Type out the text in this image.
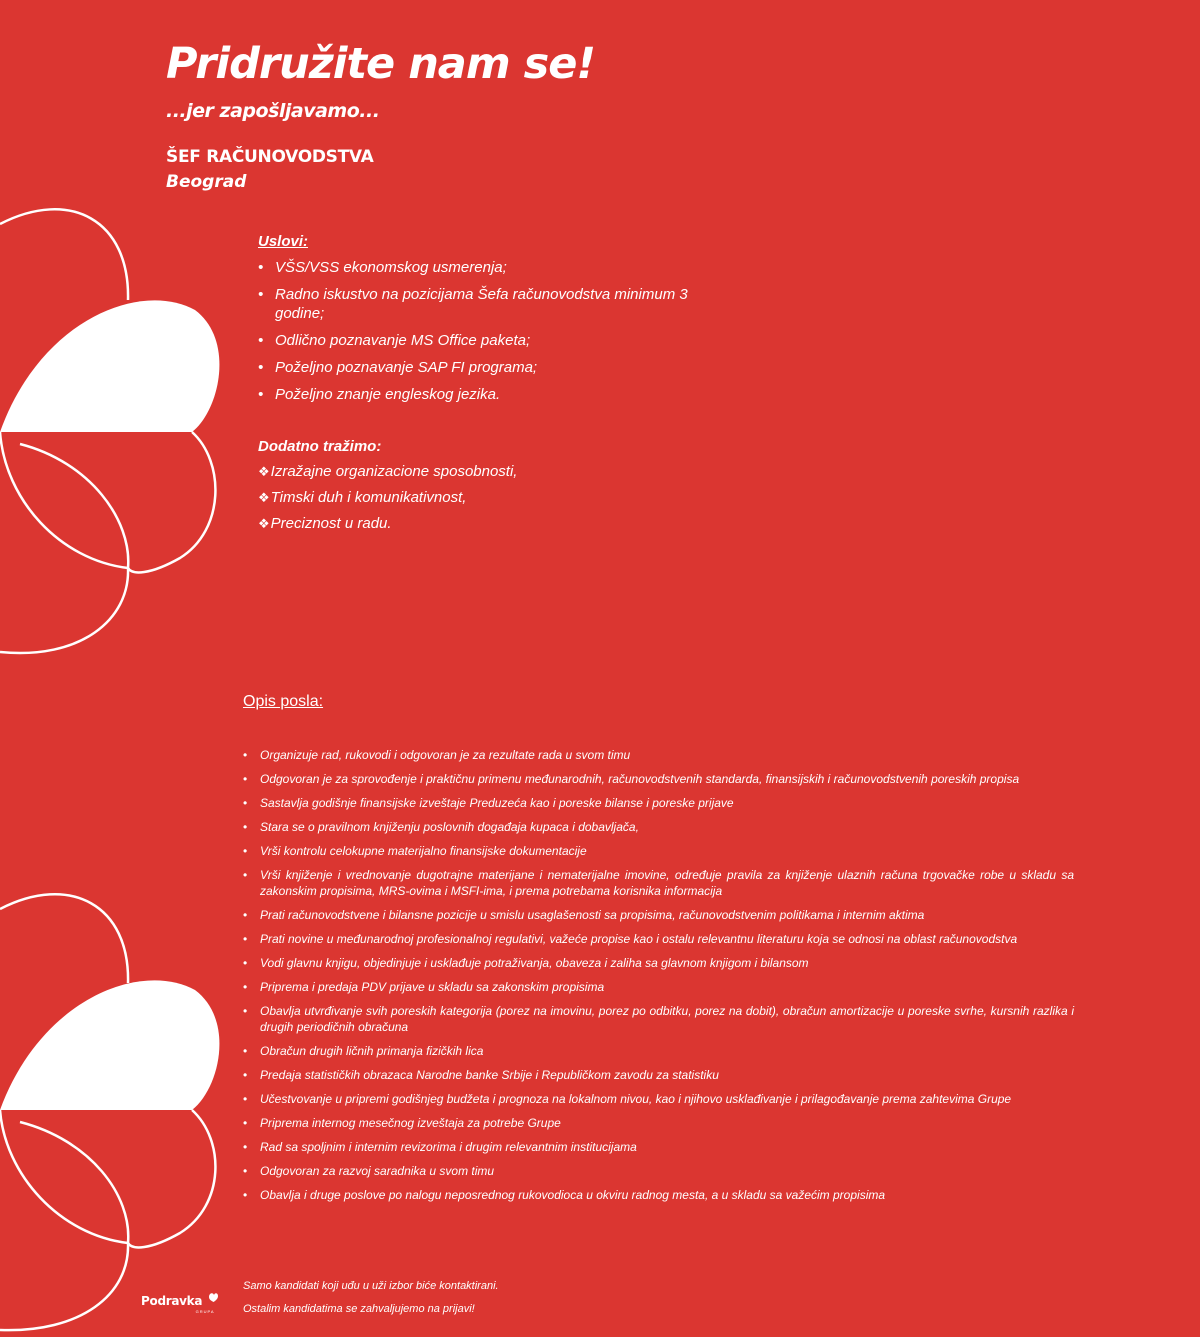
Pridružite nam se!

...jer zapošljavamo...

ŠEF RAČUNOVODSTVA

Beograd

Uslovi:

• VŠS/VSS ekonomskog usmerenja;
• Radno iskustvo na pozicijama Šefa računovodstva minimum 3 godine;
• Odlično poznavanje MS Office paketa;
• Poželjno poznavanje SAP FI programa;
• Poželjno znanje engleskog jezika.

Dodatno tražimo:

❖Izražajne organizacione sposobnosti,
❖Timski duh i komunikativnost,
❖Preciznost u radu.

Opis posla:

• Organizuje rad, rukovodi i odgovoran je za rezultate rada u svom timu
• Odgovoran je za sprovođenje i praktičnu primenu međunarodnih, računovodstvenih standarda, finansijskih i računovodstvenih poreskih propisa
• Sastavlja godišnje finansijske izveštaje Preduzeća kao i poreske bilanse i poreske prijave
• Stara se o pravilnom knjiženju poslovnih događaja kupaca i dobavljača,
• Vrši kontrolu celokupne materijalno finansijske dokumentacije
• Vrši knjiženje i vrednovanje dugotrajne materijane i nematerijalne imovine, određuje pravila za knjiženje ulaznih računa trgovačke robe u skladu sa zakonskim propisima, MRS-ovima i MSFI-ima, i prema potrebama korisnika informacija
• Prati računovodstvene i bilansne pozicije u smislu usaglašenosti sa propisima, računovodstvenim politikama i internim aktima
• Prati novine u međunarodnoj profesionalnoj regulativi, važeće propise kao i ostalu relevantnu literaturu koja se odnosi na oblast računovodstva
• Vodi glavnu knjigu, objedinjuje i usklađuje potraživanja, obaveza i zaliha sa glavnom knjigom i bilansom
• Priprema i predaja PDV prijave u skladu sa zakonskim propisima
• Obavlja utvrđivanje svih poreskih kategorija (porez na imovinu, porez po odbitku, porez na dobit), obračun amortizacije u poreske svrhe, kursnih razlika i drugih periodičnih obračuna
• Obračun drugih ličnih primanja fizičkih lica
• Predaja statističkih obrazaca Narodne banke Srbije i Republičkom zavodu za statistiku
• Učestvovanje u pripremi godišnjeg budžeta i prognoza na lokalnom nivou, kao i njihovo usklađivanje i prilagođavanje prema zahtevima Grupe
• Priprema internog mesečnog izveštaja za potrebe Grupe
• Rad sa spoljnim i internim revizorima i drugim relevantnim institucijama
• Odgovoran za razvoj saradnika u svom timu
• Obavlja i druge poslove po nalogu neposrednog rukovodioca u okviru radnog mesta, a u skladu sa važećim propisima

Samo kandidati koji uđu u uži izbor biće kontaktirani.

Ostalim kandidatima se zahvaljujemo na prijavi!

Podravka
GRUPA
